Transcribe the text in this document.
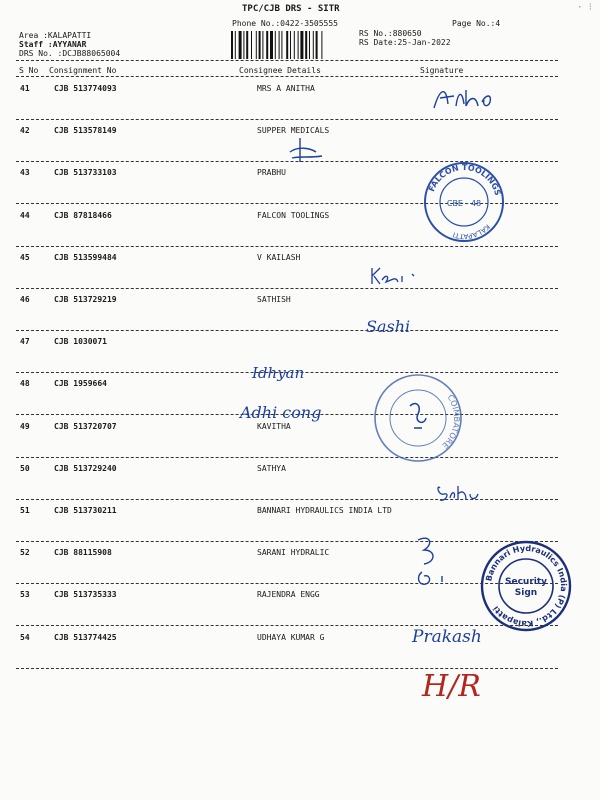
· ⁝
TPC/CJB DRS - SITR
Phone No.:0422-3505555	Page No.:4
Area :KALAPATTI
Staff :AYYANAR
DRS No. :DCJB88065004
RS No.:880650
RS Date:25-Jan-2022
S No Consignment No	Consignee Details	Signature
41	CJB 513774093	MRS A ANITHA
42	CJB 513578149	SUPPER MEDICALS
43	CJB 513733103	PRABHU
44	CJB 87818466	FALCON TOOLINGS
45	CJB 513599484	V KAILASH
46	CJB 513729219	SATHISH
47	CJB 1030071
48	CJB 1959664
49	CJB 513720707	KAVITHA
50	CJB 513729240	SATHYA
51	CJB 513730211	BANNARI HYDRAULICS INDIA LTD
52	CJB 88115908	SARANI HYDRALIC
53	CJB 513735333	RAJENDRA ENGG
54	CJB 513774425	UDHAYA KUMAR G
Sashi
Idhyan
Adhi cong
Prakash
H/R
FALCON TOOLINGS
KALAPATTI
CBE - 48
COIMBATORE
Bannari Hydraulics India (P) Ltd., Kalapatti
Security
Sign
